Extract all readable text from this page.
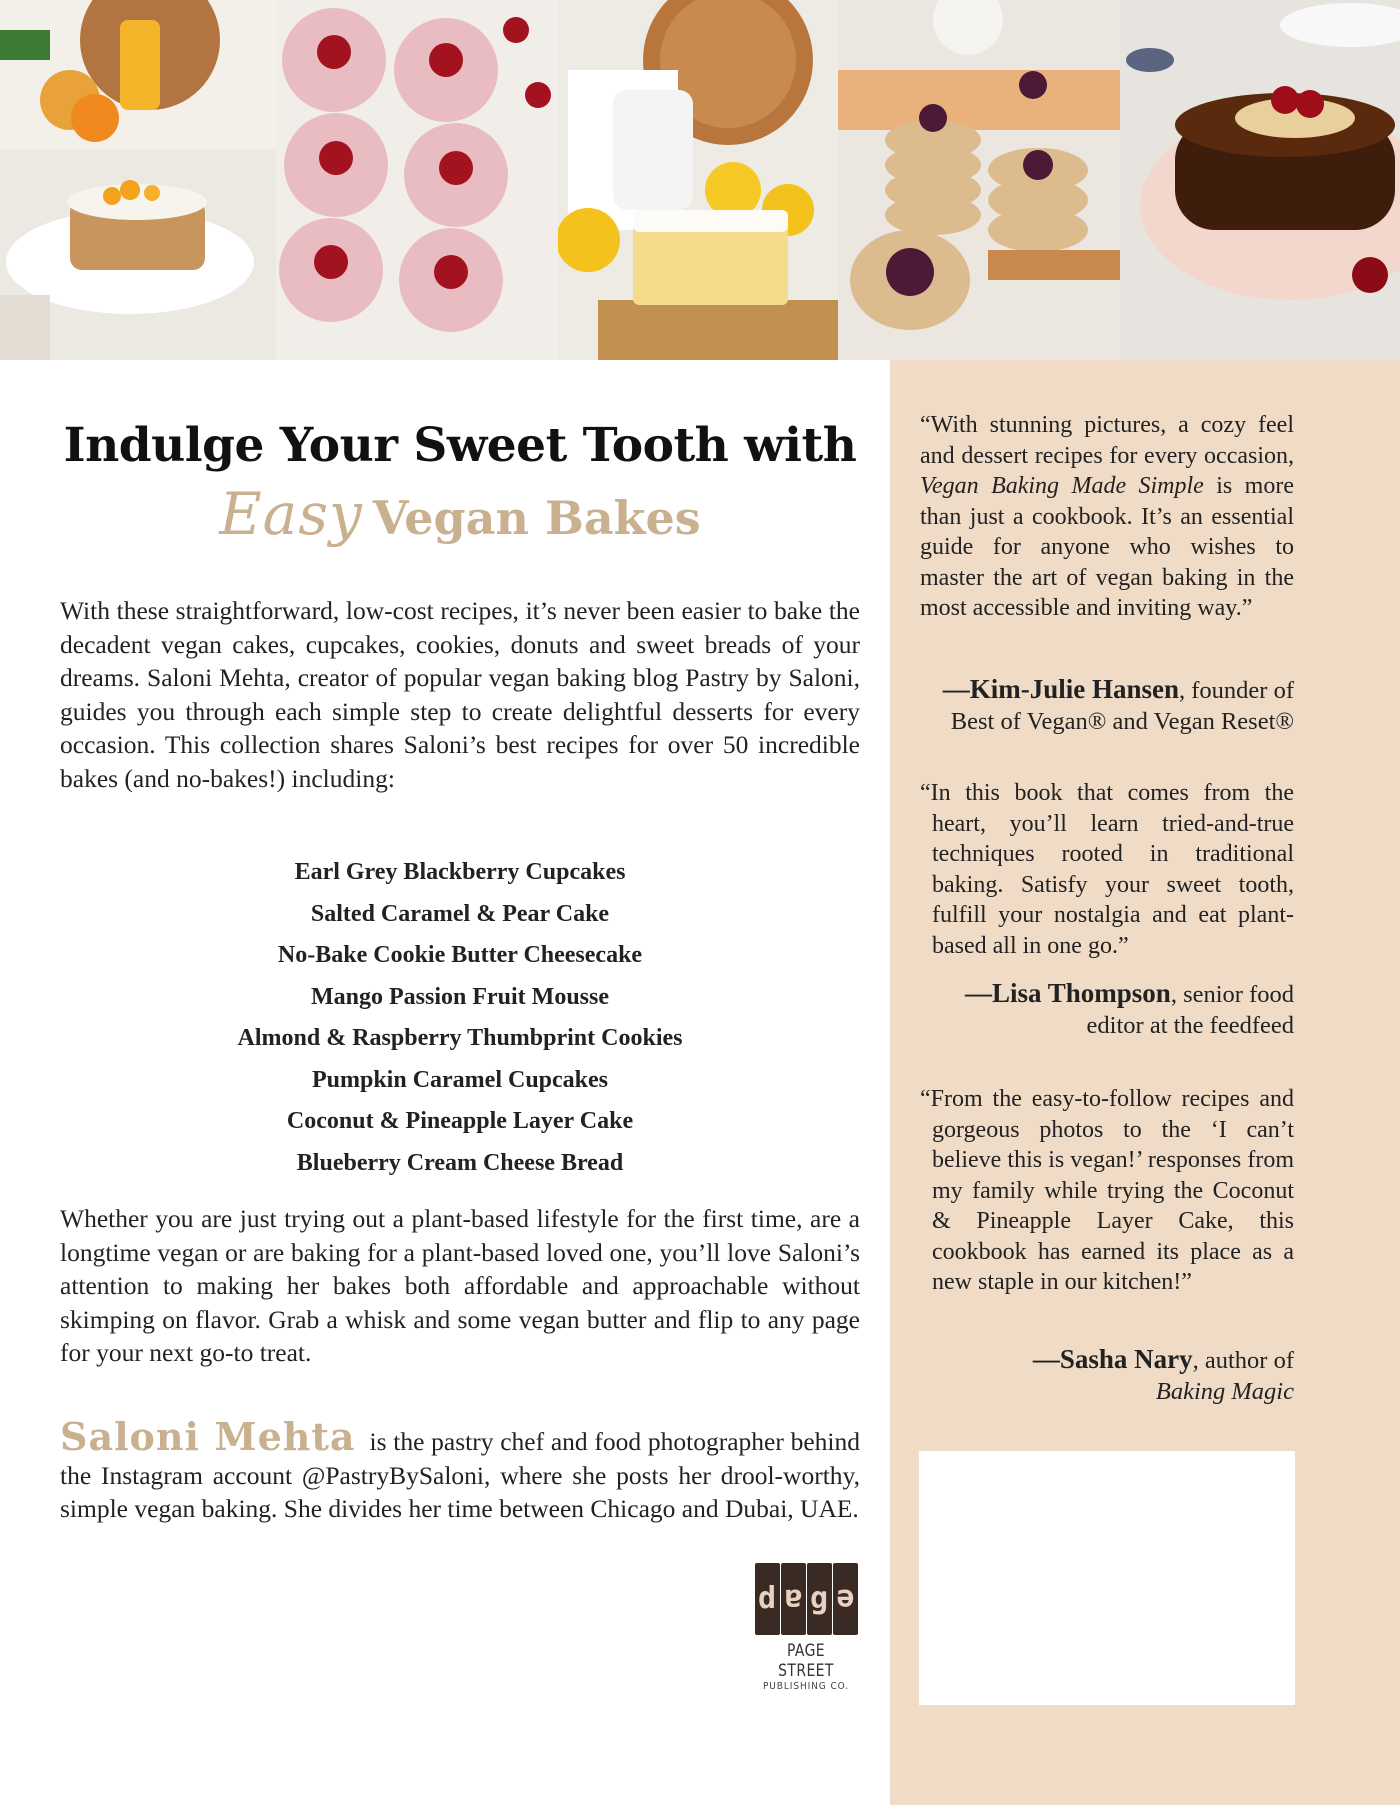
Indulge Your Sweet Tooth with
Easy Vegan Bakes

With these straightforward, low-cost recipes, it’s never been easier to bake the decadent vegan cakes, cupcakes, cookies, donuts and sweet breads of your dreams. Saloni Mehta, creator of popular vegan baking blog Pastry by Saloni, guides you through each simple step to create delightful desserts for every occasion. This collection shares Saloni’s best recipes for over 50 incredible bakes (and no-bakes!) including:

Earl Grey Blackberry Cupcakes
Salted Caramel & Pear Cake
No-Bake Cookie Butter Cheesecake
Mango Passion Fruit Mousse
Almond & Raspberry Thumbprint Cookies
Pumpkin Caramel Cupcakes
Coconut & Pineapple Layer Cake
Blueberry Cream Cheese Bread

Whether you are just trying out a plant-based lifestyle for the first time, are a longtime vegan or are baking for a plant-based loved one, you’ll love Saloni’s attention to making her bakes both affordable and approachable without skimping on flavor. Grab a whisk and some vegan butter and flip to any page for your next go-to treat.

Saloni Mehta is the pastry chef and food photographer behind the Instagram account @PastryBySaloni, where she posts her drool-worthy, simple vegan baking. She divides her time between Chicago and Dubai, UAE.

“With stunning pictures, a cozy feel and dessert recipes for every occasion, Vegan Baking Made Simple is more than just a cookbook. It’s an essential guide for anyone who wishes to master the art of vegan baking in the most accessible and inviting way.”
—Kim-Julie Hansen, founder of
Best of Vegan® and Vegan Reset®

“In this book that comes from the heart, you’ll learn tried-and-true techniques rooted in traditional baking. Satisfy your sweet tooth, fulfill your nostalgia and eat plant-based all in one go.”

—Lisa Thompson, senior food
editor at the feedfeed

“From the easy-to-follow recipes and gorgeous photos to the ‘I can’t believe this is vegan!’ responses from my family while trying the Coconut & Pineapple Layer Cake, this cookbook has earned its place as a new staple in our kitchen!”

—Sasha Nary, author of
Baking Magic
d a g e
PAGE STREET
PUBLISHING CO.
